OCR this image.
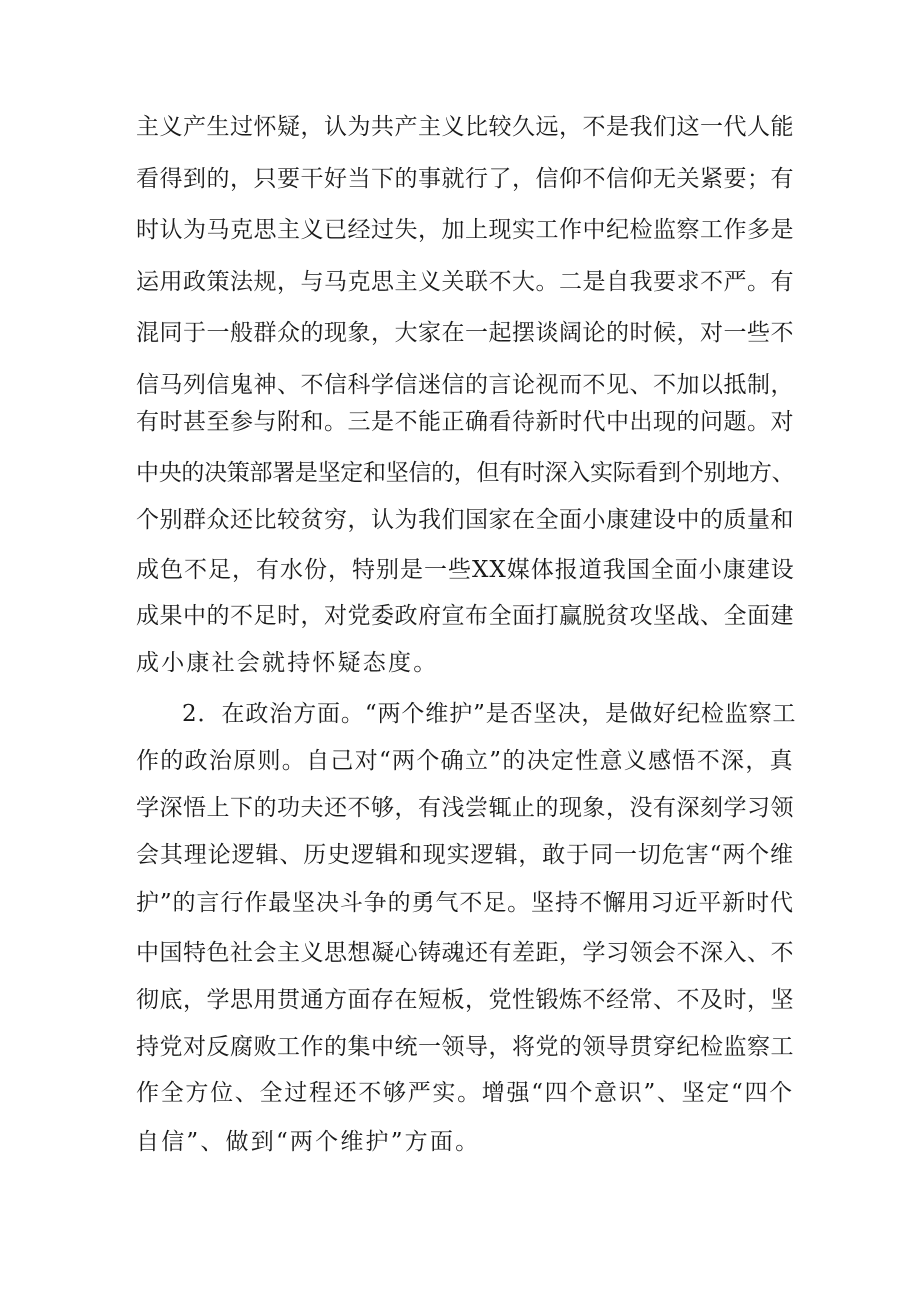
主义产生过怀疑，认为共产主义比较久远，不是我们这一代人能
看得到的，只要干好当下的事就行了，信仰不信仰无关紧要；有
时认为马克思主义已经过失，加上现实工作中纪检监察工作多是
运用政策法规，与马克思主义关联不大。二是自我要求不严。有
混同于一般群众的现象，大家在一起摆谈阔论的时候，对一些不
信马列信鬼神、不信科学信迷信的言论视而不见、不加以抵制，
有时甚至参与附和。三是不能正确看待新时代中出现的问题。对
中央的决策部署是坚定和坚信的，但有时深入实际看到个别地方、
个别群众还比较贫穷，认为我们国家在全面小康建设中的质量和
成色不足，有水份，特别是一些XX媒体报道我国全面小康建设
成果中的不足时，对党委政府宣布全面打赢脱贫攻坚战、全面建
成小康社会就持怀疑态度。
2．在政治方面。“两个维护”是否坚决，是做好纪检监察工
作的政治原则。自己对“两个确立”的决定性意义感悟不深，真
学深悟上下的功夫还不够，有浅尝辄止的现象，没有深刻学习领
会其理论逻辑、历史逻辑和现实逻辑，敢于同一切危害“两个维
护”的言行作最坚决斗争的勇气不足。坚持不懈用习近平新时代
中国特色社会主义思想凝心铸魂还有差距，学习领会不深入、不
彻底，学思用贯通方面存在短板，党性锻炼不经常、不及时，坚
持党对反腐败工作的集中统一领导，将党的领导贯穿纪检监察工
作全方位、全过程还不够严实。增强“四个意识”、坚定“四个
自信”、做到“两个维护”方面。
